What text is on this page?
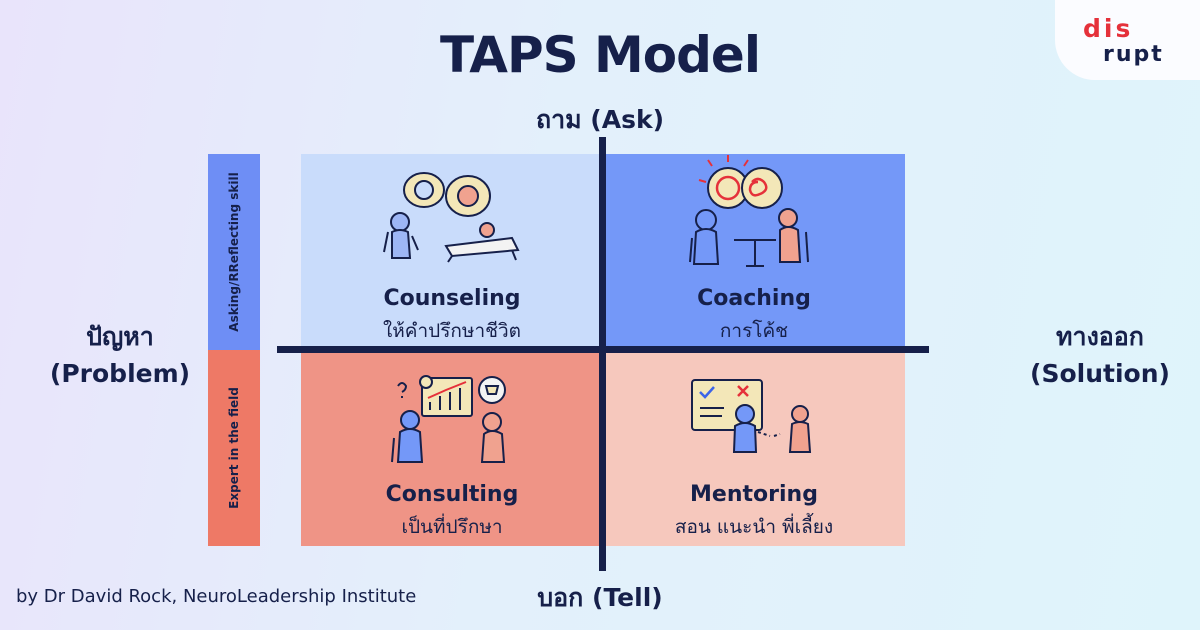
dis
rupt
TAPS Model
ถาม (Ask)
บอก (Tell)
ปัญหา
(Problem)
ทางออก
(Solution)
Asking/RReflecting skill
Expert in the field
Counseling
ให้คำปรึกษาชีวิต
Coaching
การโค้ช
Consulting
เป็นที่ปรึกษา
Mentoring
สอน แนะนำ พี่เลี้ยง
by Dr David Rock, NeuroLeadership Institute
